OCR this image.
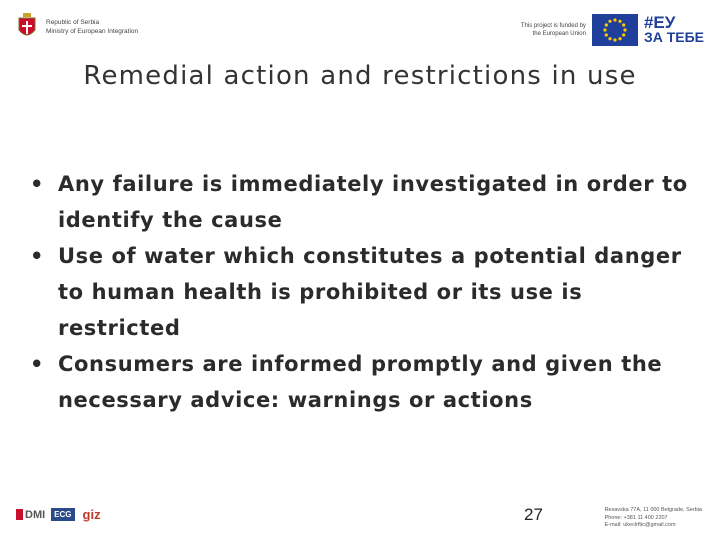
Republic of Serbia
Ministry of European Integration
This project is funded by
the European Union
#ЕУ
ЗА ТЕБЕ
Remedial action and restrictions in use
• Any failure is immediately investigated in order to identify the cause
• Use of water which constitutes a potential danger to human health is prohibited or its use is restricted
• Consumers are informed promptly and given the necessary advice: warnings or actions
DMI	ECG giz	27	Resavska 77A, 11 000 Belgrade, Serbia
Phone: +381 11 400 2207
E-mail: ukeclrftic@gmail.com
